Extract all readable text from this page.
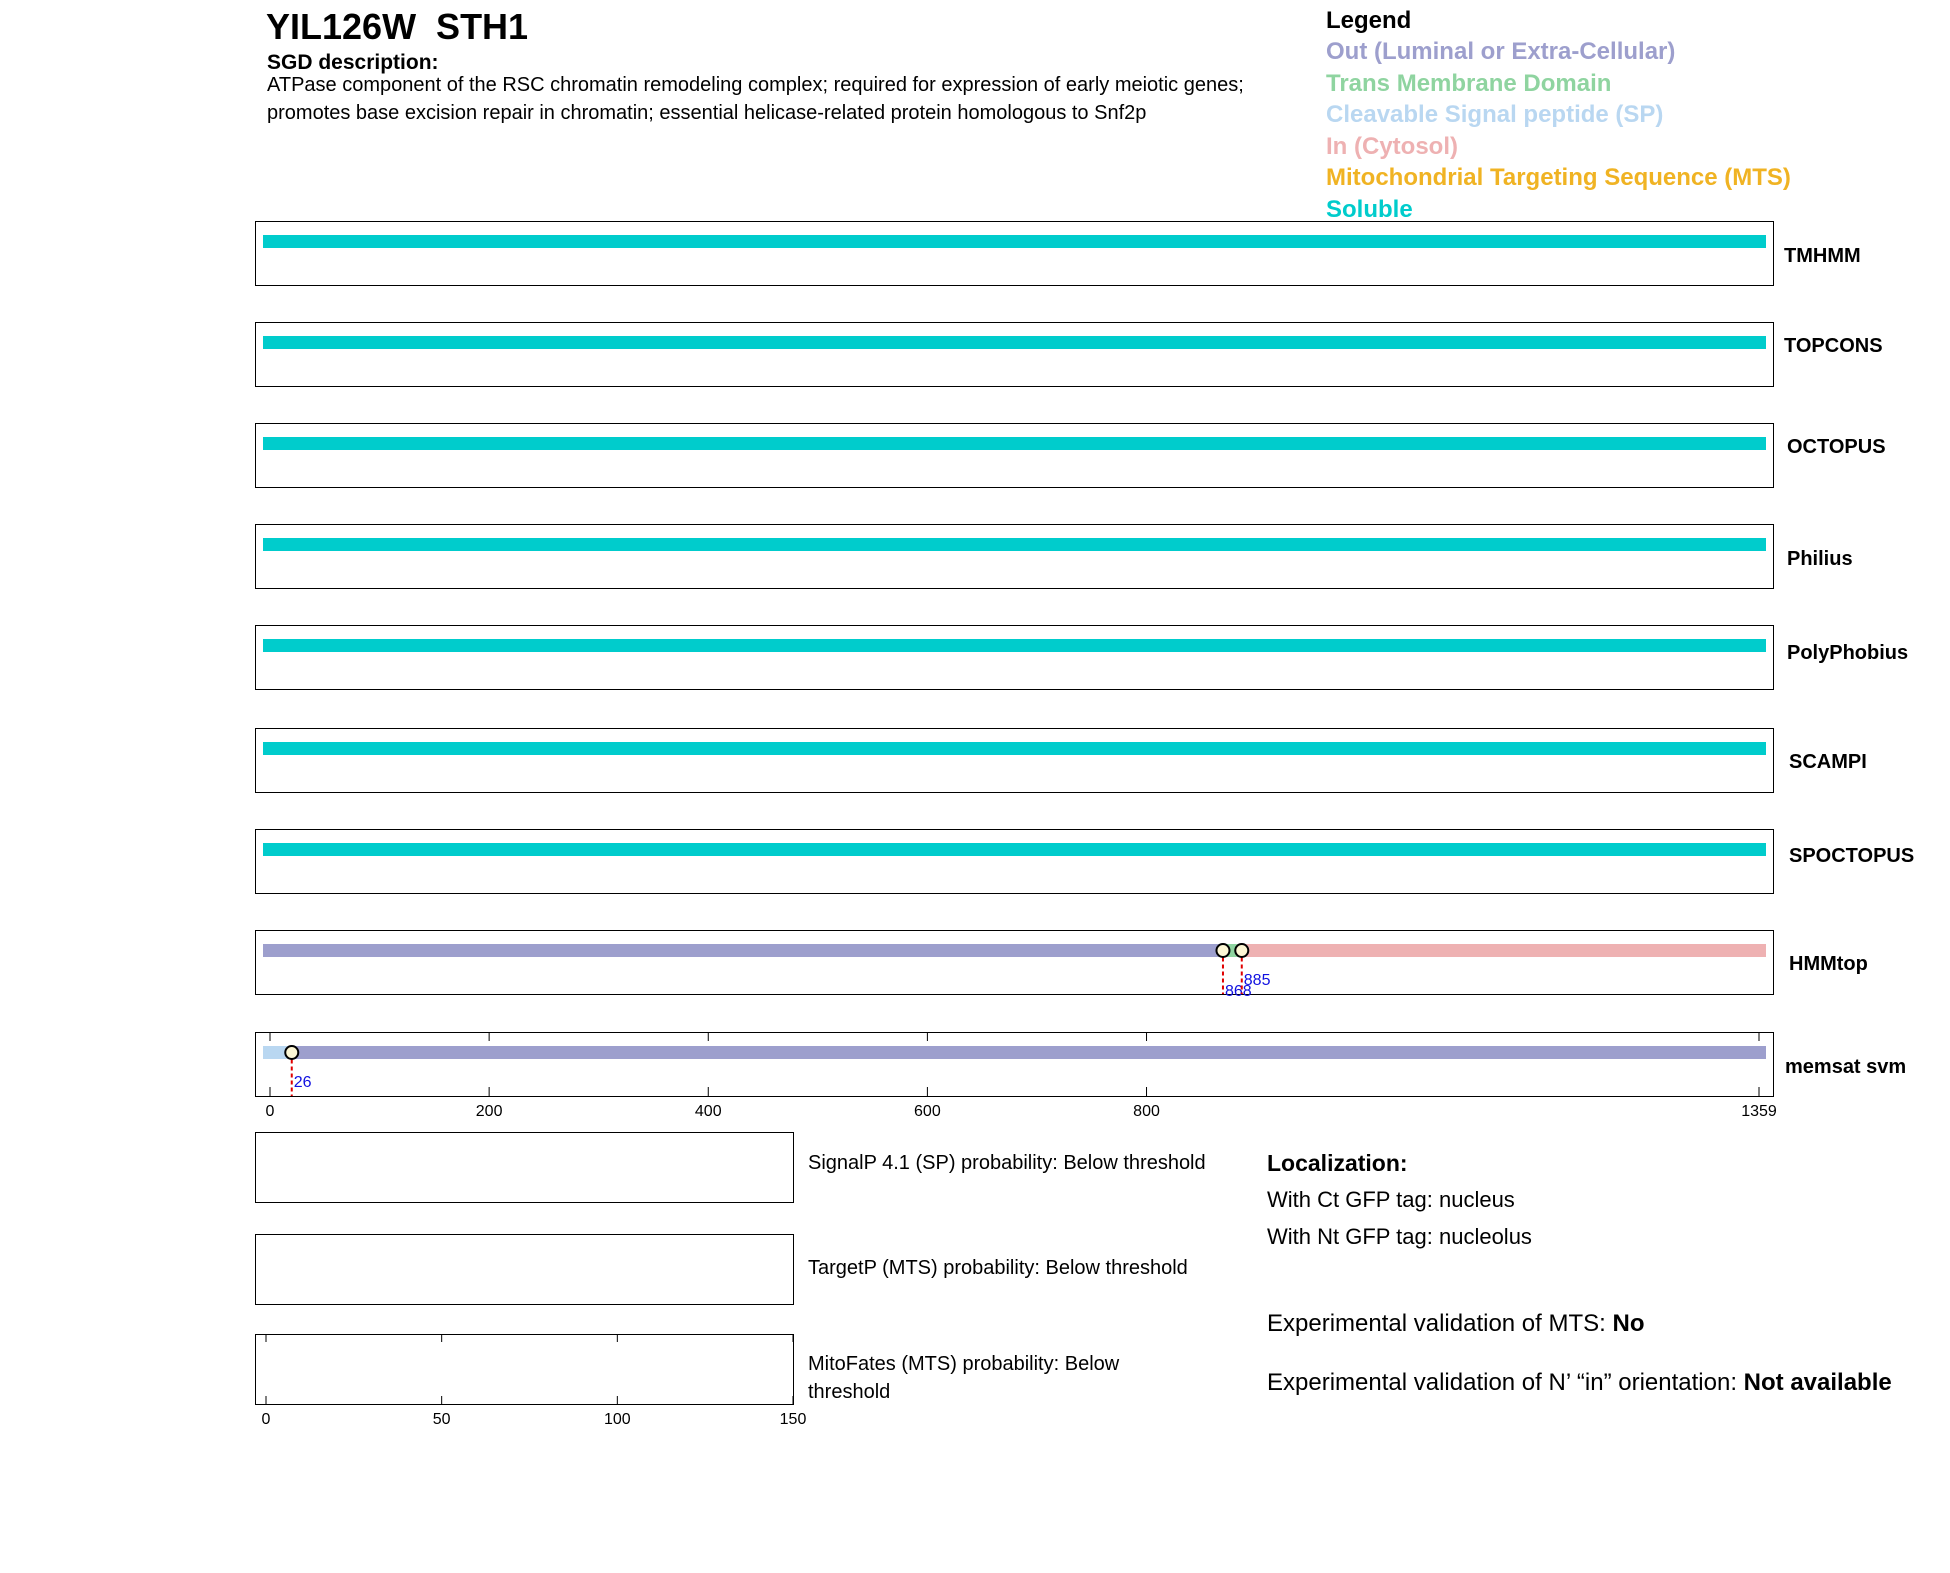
YIL126W  STH1
SGD description:
ATPase component of the RSC chromatin remodeling complex; required for expression of early meiotic genes; promotes base excision repair in chromatin; essential helicase-related protein homologous to Snf2p
Legend
Out (Luminal or Extra-Cellular)
Trans Membrane Domain
Cleavable Signal peptide (SP)
In (Cytosol)
Mitochondrial Targeting Sequence (MTS)
Soluble
TMHMM
TOPCONS
OCTOPUS
Philius
PolyPhobius
SCAMPI
SPOCTOPUS
HMMtop
868
885
memsat svm
26
0	200	400	600	800	1359
SignalP 4.1 (SP) probability: Below threshold
TargetP (MTS) probability: Below threshold
MitoFates (MTS) probability: Below threshold
0	50	100	150
Localization:
With Ct GFP tag: nucleus
With Nt GFP tag: nucleolus
Experimental validation of MTS: No
Experimental validation of N’ “in” orientation: Not available
